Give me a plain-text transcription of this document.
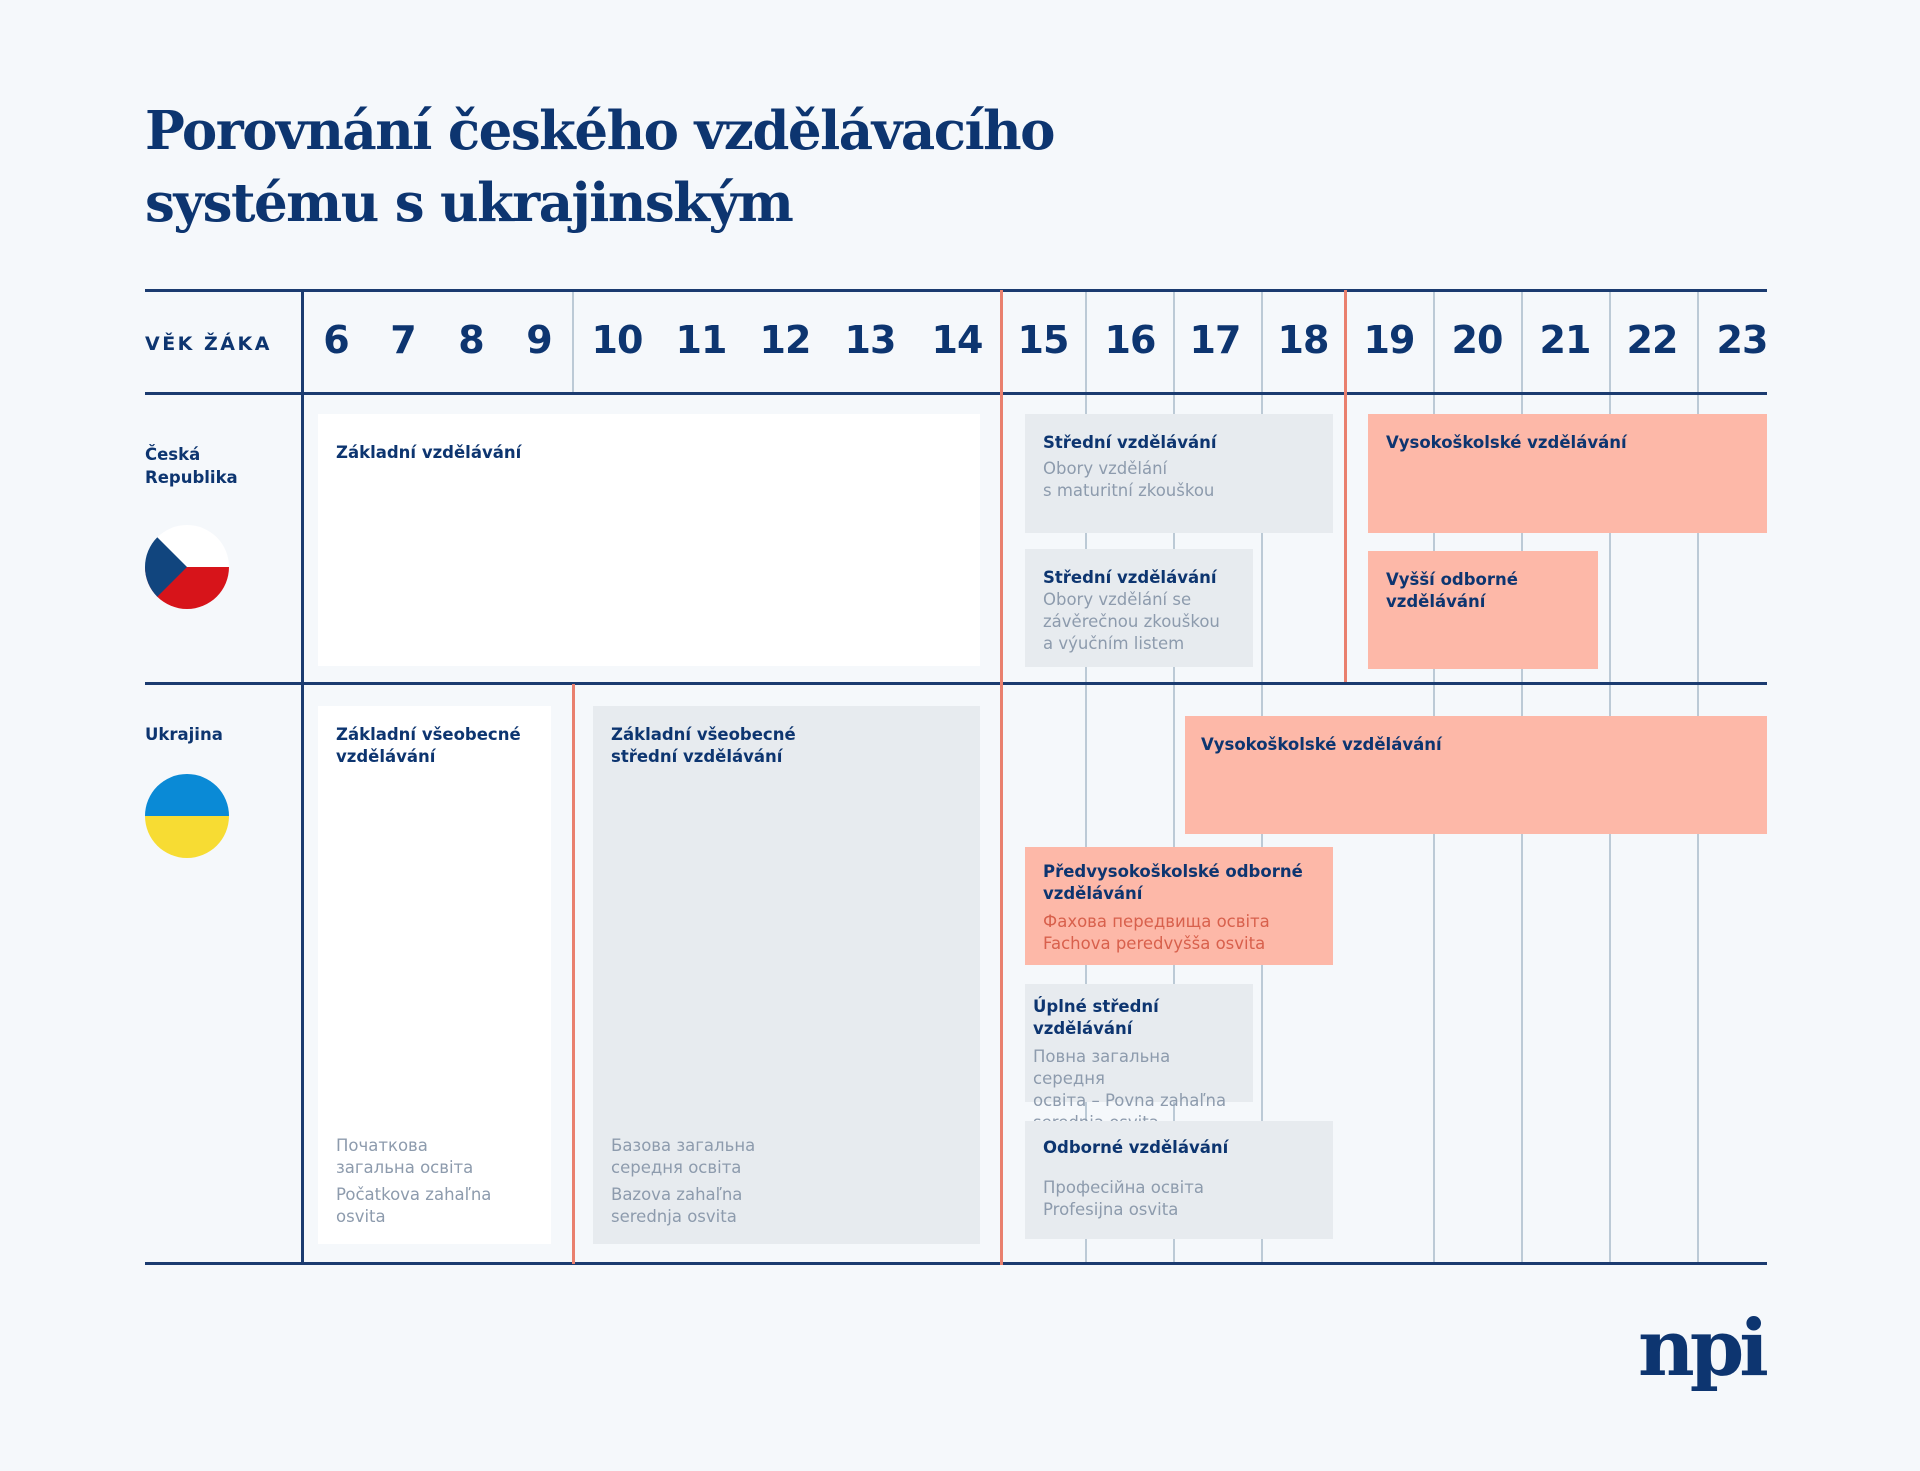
Porovnání českého vzdělávacího
systému s ukrajinským
VĚK ŽÁKA	6	7	8	9	10 11 12 13 14 15 16 17 18 19 20 21 22	23
Česká
Republika
Ukrajina
Základní vzdělávání
Střední vzdělávání
Obory vzdělání
s maturitní zkouškou
Střední vzdělávání
Obory vzdělání se
závěrečnou zkouškou
a výučním listem
Vysokoškolské vzdělávání
Vyšší odborné
vzdělávání
Základní všeobecné
vzdělávání
Початкова
загальна освіта
Počatkova zahaľna
osvita
Základní všeobecné
střední vzdělávání
Базова загальна
середня освіта
Bazova zahaľna
serednja osvita
Vysokoškolské vzdělávání
Předvysokoškolské odborné
vzdělávání
Фахова передвища освіта
Fachova peredvyšša osvita
Úplné střední vzdělávání
Повна загальна середня
освіта – Povna zahaľna
Odborné vzdělávání
Професійна освіта
Profesijna osvita
npi
